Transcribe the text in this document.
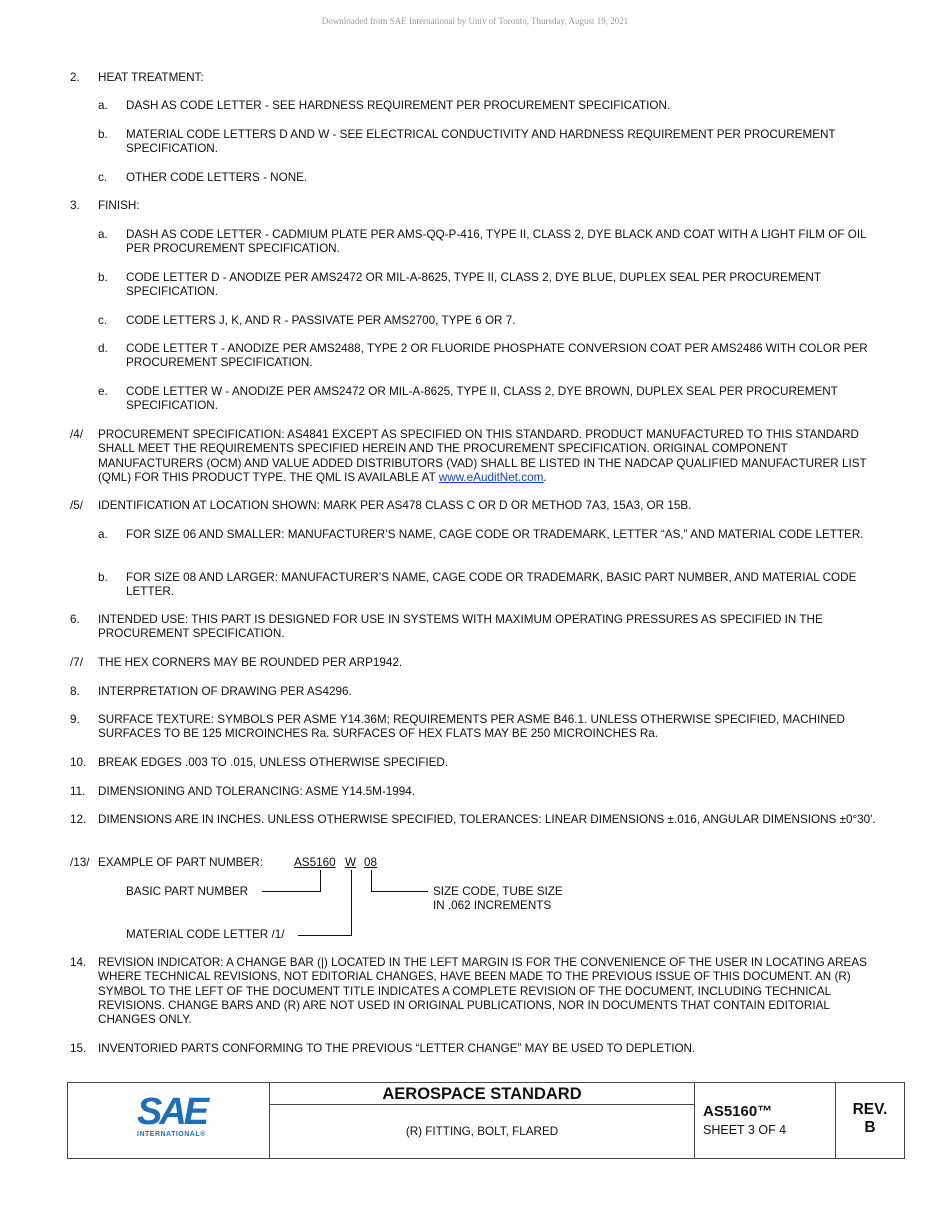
Downloaded from SAE International by Univ of Toronto, Thursday, August 19, 2021
2. HEAT TREATMENT:
a. DASH AS CODE LETTER - SEE HARDNESS REQUIREMENT PER PROCUREMENT SPECIFICATION.
b. MATERIAL CODE LETTERS D AND W - SEE ELECTRICAL CONDUCTIVITY AND HARDNESS REQUIREMENT PER PROCUREMENT SPECIFICATION.
c. OTHER CODE LETTERS - NONE.
3. FINISH:
a. DASH AS CODE LETTER - CADMIUM PLATE PER AMS-QQ-P-416, TYPE II, CLASS 2, DYE BLACK AND COAT WITH A LIGHT FILM OF OIL PER PROCUREMENT SPECIFICATION.
b. CODE LETTER D - ANODIZE PER AMS2472 OR MIL-A-8625, TYPE II, CLASS 2, DYE BLUE, DUPLEX SEAL PER PROCUREMENT SPECIFICATION.
c. CODE LETTERS J, K, AND R - PASSIVATE PER AMS2700, TYPE 6 OR 7.
d. CODE LETTER T - ANODIZE PER AMS2488, TYPE 2 OR FLUORIDE PHOSPHATE CONVERSION COAT PER AMS2486 WITH COLOR PER PROCUREMENT SPECIFICATION.
e. CODE LETTER W - ANODIZE PER AMS2472 OR MIL-A-8625, TYPE II, CLASS 2, DYE BROWN, DUPLEX SEAL PER PROCUREMENT SPECIFICATION.
/4/ PROCUREMENT SPECIFICATION: AS4841 EXCEPT AS SPECIFIED ON THIS STANDARD. PRODUCT MANUFACTURED TO THIS STANDARD SHALL MEET THE REQUIREMENTS SPECIFIED HEREIN AND THE PROCUREMENT SPECIFICATION. ORIGINAL COMPONENT MANUFACTURERS (OCM) AND VALUE ADDED DISTRIBUTORS (VAD) SHALL BE LISTED IN THE NADCAP QUALIFIED MANUFACTURER LIST (QML) FOR THIS PRODUCT TYPE. THE QML IS AVAILABLE AT www.eAuditNet.com.
/5/ IDENTIFICATION AT LOCATION SHOWN: MARK PER AS478 CLASS C OR D OR METHOD 7A3, 15A3, OR 15B.
a. FOR SIZE 06 AND SMALLER: MANUFACTURER’S NAME, CAGE CODE OR TRADEMARK, LETTER “AS,” AND MATERIAL CODE LETTER.
b. FOR SIZE 08 AND LARGER: MANUFACTURER’S NAME, CAGE CODE OR TRADEMARK, BASIC PART NUMBER, AND MATERIAL CODE LETTER.
6. INTENDED USE: THIS PART IS DESIGNED FOR USE IN SYSTEMS WITH MAXIMUM OPERATING PRESSURES AS SPECIFIED IN THE PROCUREMENT SPECIFICATION.
/7/ THE HEX CORNERS MAY BE ROUNDED PER ARP1942.
8. INTERPRETATION OF DRAWING PER AS4296.
9. SURFACE TEXTURE: SYMBOLS PER ASME Y14.36M; REQUIREMENTS PER ASME B46.1. UNLESS OTHERWISE SPECIFIED, MACHINED SURFACES TO BE 125 MICROINCHES Ra. SURFACES OF HEX FLATS MAY BE 250 MICROINCHES Ra.
10. BREAK EDGES .003 TO .015, UNLESS OTHERWISE SPECIFIED.
11. DIMENSIONING AND TOLERANCING: ASME Y14.5M-1994.
12. DIMENSIONS ARE IN INCHES. UNLESS OTHERWISE SPECIFIED, TOLERANCES: LINEAR DIMENSIONS ±.016, ANGULAR DIMENSIONS ±0°30'.
/13/ EXAMPLE OF PART NUMBER:	AS5160 W 08
BASIC PART NUMBER	SIZE CODE, TUBE SIZE
IN .062 INCREMENTS
MATERIAL CODE LETTER /1/
14. REVISION INDICATOR: A CHANGE BAR (|) LOCATED IN THE LEFT MARGIN IS FOR THE CONVENIENCE OF THE USER IN LOCATING AREAS WHERE TECHNICAL REVISIONS, NOT EDITORIAL CHANGES, HAVE BEEN MADE TO THE PREVIOUS ISSUE OF THIS DOCUMENT. AN (R) SYMBOL TO THE LEFT OF THE DOCUMENT TITLE INDICATES A COMPLETE REVISION OF THE DOCUMENT, INCLUDING TECHNICAL REVISIONS. CHANGE BARS AND (R) ARE NOT USED IN ORIGINAL PUBLICATIONS, NOR IN DOCUMENTS THAT CONTAIN EDITORIAL CHANGES ONLY.
15. INVENTORIED PARTS CONFORMING TO THE PREVIOUS “LETTER CHANGE” MAY BE USED TO DEPLETION.
SAE
INTERNATIONAL®
AEROSPACE STANDARD
(R) FITTING, BOLT, FLARED
AS5160™
SHEET 3 OF 4
REV.
B
